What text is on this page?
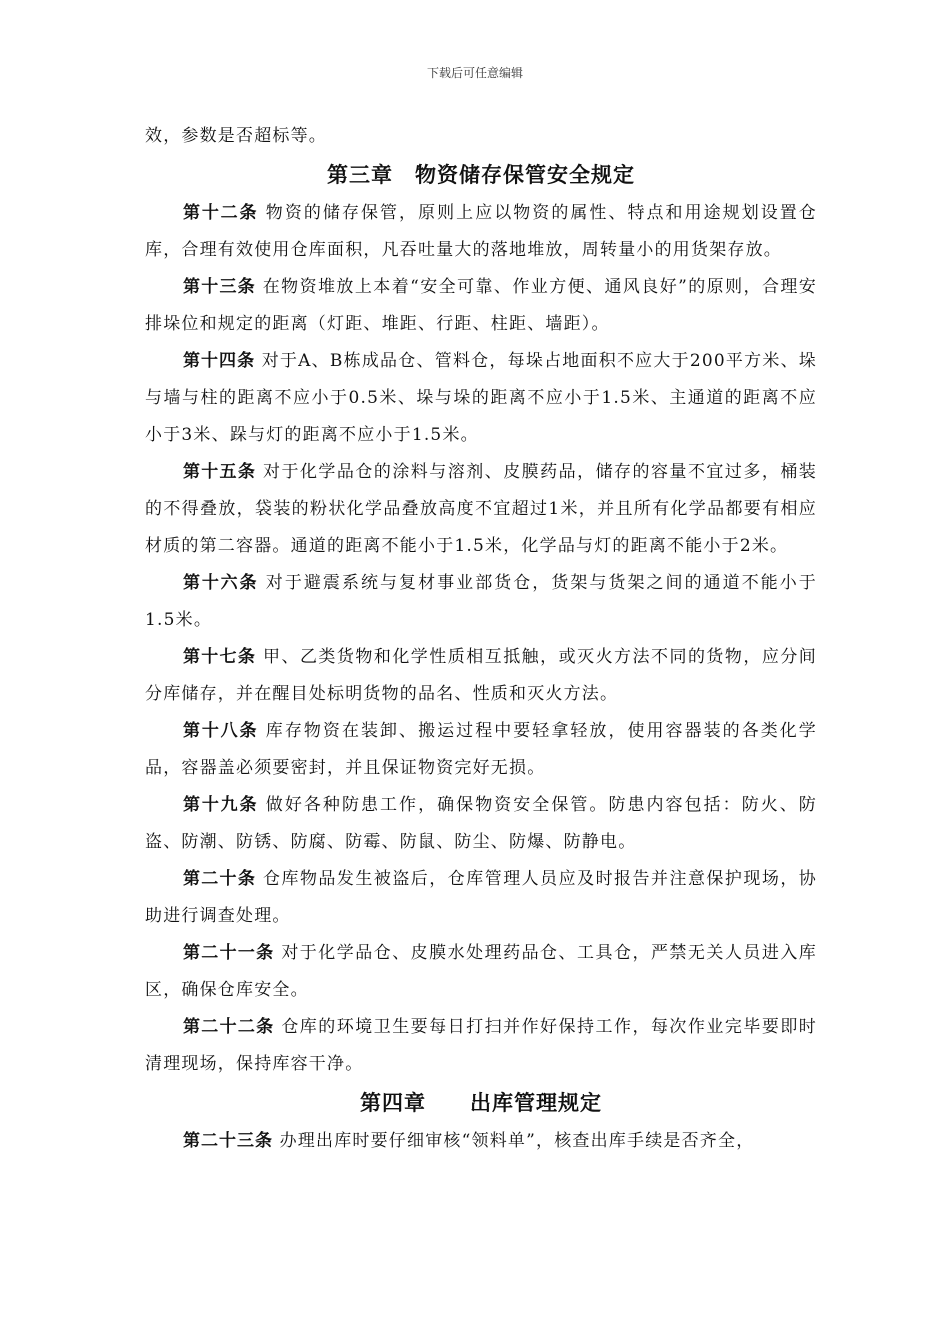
下载后可任意编辑

效，参数是否超标等。

第三章　物资储存保管安全规定

第十二条 物资的储存保管，原则上应以物资的属性、特点和用途规划设置仓库，合理有效使用仓库面积，凡吞吐量大的落地堆放，周转量小的用货架存放。

第十三条 在物资堆放上本着“安全可靠、作业方便、通风良好”的原则，合理安排垛位和规定的距离（灯距、堆距、行距、柱距、墙距）。

第十四条 对于A、B栋成品仓、管料仓，每垛占地面积不应大于200平方米、垛与墙与柱的距离不应小于0.5米、垛与垛的距离不应小于1.5米、主通道的距离不应小于3米、跺与灯的距离不应小于1.5米。

第十五条 对于化学品仓的涂料与溶剂、皮膜药品，储存的容量不宜过多，桶装的不得叠放，袋装的粉状化学品叠放高度不宜超过1米，并且所有化学品都要有相应材质的第二容器。通道的距离不能小于1.5米，化学品与灯的距离不能小于2米。

第十六条 对于避震系统与复材事业部货仓，货架与货架之间的通道不能小于1.5米。

第十七条 甲、乙类货物和化学性质相互抵触，或灭火方法不同的货物，应分间分库储存，并在醒目处标明货物的品名、性质和灭火方法。

第十八条 库存物资在装卸、搬运过程中要轻拿轻放，使用容器装的各类化学品，容器盖必须要密封，并且保证物资完好无损。

第十九条 做好各种防患工作，确保物资安全保管。防患内容包括：防火、防盗、防潮、防锈、防腐、防霉、防鼠、防尘、防爆、防静电。

第二十条 仓库物品发生被盗后，仓库管理人员应及时报告并注意保护现场，协助进行调查处理。

第二十一条 对于化学品仓、皮膜水处理药品仓、工具仓，严禁无关人员进入库区，确保仓库安全。

第二十二条 仓库的环境卫生要每日打扫并作好保持工作，每次作业完毕要即时清理现场，保持库容干净。

第四章　　出库管理规定

第二十三条 办理出库时要仔细审核“领料单”，核查出库手续是否齐全，
